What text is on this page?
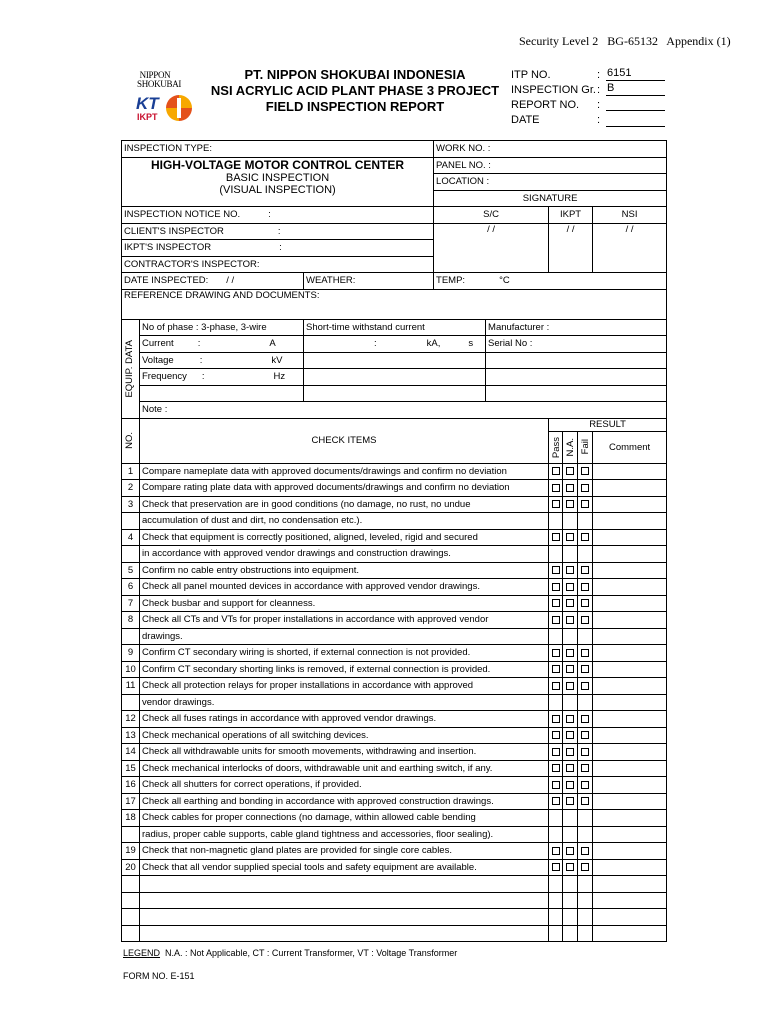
Security Level 2   BG-65132   Appendix (1)
NIPPON
SHOKUBAI
KT
IKPT
PT. NIPPON SHOKUBAI INDONESIA
NSI ACRYLIC ACID PLANT PHASE 3 PROJECT
FIELD INSPECTION REPORT
ITP NO.	: 6151
INSPECTION Gr. : B
REPORT NO. :
DATE	:
INSPECTION TYPE:			WORK NO. :					

HIGH-VOLTAGE MOTOR CONTROL CENTER
BASIC INSPECTION
(VISUAL INSPECTION)			PANEL NO. :					
			LOCATION :					
			SIGNATURE					
INSPECTION NOTICE NO. :			S/C		IKPT			NSI
CLIENT'S INSPECTOR :			/ /		/ /			/ /
IKPT'S INSPECTOR :								
CONTRACTOR'S INSPECTOR:								
DATE INSPECTED: / /		WEATHER:	TEMP: °C					
REFERENCE DRAWING AND DOCUMENTS:								

EQUIP. DATA	No of phase : 3-phase, 3-wire	Short-time withstand current		Manufacturer :				
	Current : A	: kA, s		Serial No :				
	Voltage : kV							
	Frequency : Hz							

	Note :							

NO.	CHECK ITEMS				RESULT			

					Pass	N.A.	Fail	Comment
1	Compare nameplate data with approved documents/drawings and confirm no deviation							
2	Compare rating plate data with approved documents/drawings and confirm no deviation							
3	Check that preservation are in good conditions (no damage, no rust, no undue							
	accumulation of dust and dirt, no condensation etc.).							
4	Check that equipment is correctly positioned, aligned, leveled, rigid and secured							
	in accordance with approved vendor drawings and construction drawings.							
5	Confirm no cable entry obstructions into equipment.							
6	Check all panel mounted devices in accordance with approved vendor drawings.							
7	Check busbar and support for cleanness.							
8	Check all CTs and VTs for proper installations in accordance with approved vendor							
	drawings.							
9	Confirm CT secondary wiring is shorted, if external connection is not provided.							
10	Confirm CT secondary shorting links is removed, if external connection is provided.							
11	Check all protection relays for proper installations in accordance with approved							
	vendor drawings.							
12	Check all fuses ratings in accordance with approved vendor drawings.							
13	Check mechanical operations of all switching devices.							
14	Check all withdrawable units for smooth movements, withdrawing and insertion.							
15	Check mechanical interlocks of doors, withdrawable unit and earthing switch, if any.							
16	Check all shutters for correct operations, if provided.							
17	Check all earthing and bonding in accordance with approved construction drawings.							
18	Check cables for proper connections (no damage, within allowed cable bending							
	radius, proper cable supports, cable gland tightness and accessories, floor sealing).							
19	Check that non-magnetic gland plates are provided for single core cables.							
20	Check that all vendor supplied special tools and safety equipment are available.							

LEGEND  N.A. : Not Applicable, CT : Current Transformer, VT : Voltage Transformer
FORM NO. E-151
